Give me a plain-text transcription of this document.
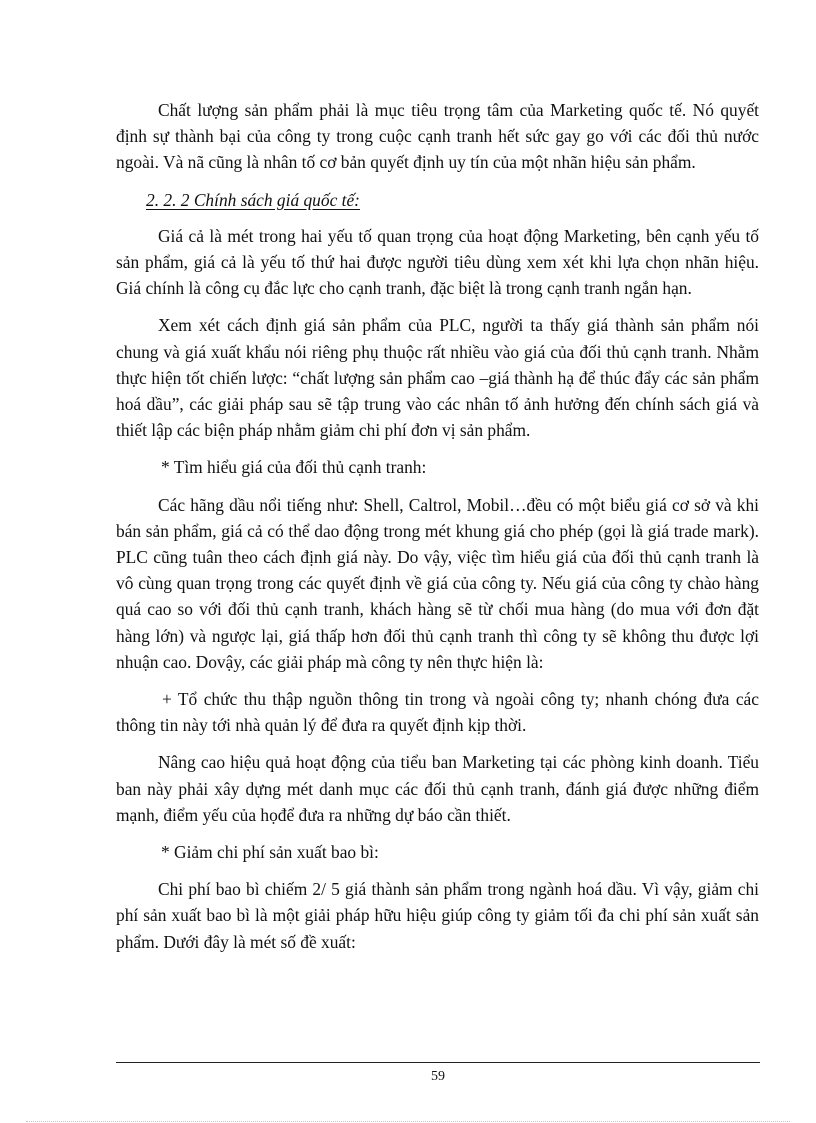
Chất lượng sản phẩm phải là mục tiêu trọng tâm của Marketing quốc tế. Nó quyết định sự thành bại của công ty trong cuộc cạnh tranh hết sức gay go với các đối thủ nước ngoài. Và nã cũng là nhân tố cơ bản quyết định uy tín của một nhãn hiệu sản phẩm.

2. 2. 2 Chính sách giá quốc tế:

Giá cả là mét trong hai yếu tố quan trọng của hoạt động Marketing, bên cạnh yếu tố sản phẩm, giá cả là yếu tố thứ hai được người tiêu dùng xem xét khi lựa chọn nhãn hiệu. Giá chính là công cụ đắc lực cho cạnh tranh, đặc biệt là trong cạnh tranh ngắn hạn.

Xem xét cách định giá sản phẩm của PLC, người ta thấy giá thành sản phẩm nói chung và giá xuất khẩu nói riêng phụ thuộc rất nhiều vào giá của đối thủ cạnh tranh. Nhằm thực hiện tốt chiến lược: “chất lượng sản phẩm cao –giá thành hạ để thúc đẩy các sản phẩm hoá dầu”, các giải pháp sau sẽ tập trung vào các nhân tố ảnh hưởng đến chính sách giá và thiết lập các biện pháp nhằm giảm chi phí đơn vị sản phẩm.

* Tìm hiểu giá của đối thủ cạnh tranh:

Các hãng dầu nổi tiếng như: Shell, Caltrol, Mobil…đều có một biểu giá cơ sở và khi bán sản phẩm, giá cả có thể dao động trong mét khung giá cho phép (gọi là giá trade mark). PLC cũng tuân theo cách định giá này. Do vậy, việc tìm hiểu giá của đối thủ cạnh tranh là vô cùng quan trọng trong các quyết định về giá của công ty. Nếu giá của công ty chào hàng quá cao so với đối thủ cạnh tranh, khách hàng sẽ từ chối mua hàng (do mua với đơn đặt hàng lớn) và ngược lại, giá thấp hơn đối thủ cạnh tranh thì công ty sẽ không thu được lợi nhuận cao. Dovậy, các giải pháp mà công ty nên thực hiện là:

+ Tổ chức thu thập nguồn thông tin trong và ngoài công ty; nhanh chóng đưa các thông tin này tới nhà quản lý để đưa ra quyết định kịp thời.

Nâng cao hiệu quả hoạt động của tiểu ban Marketing tại các phòng kinh doanh. Tiểu ban này phải xây dựng mét danh mục các đối thủ cạnh tranh, đánh giá được những điểm mạnh, điểm yếu của họđể đưa ra những dự báo cần thiết.

* Giảm chi phí sản xuất bao bì:

Chi phí bao bì chiếm 2/ 5 giá thành sản phẩm trong ngành hoá dầu. Vì vậy, giảm chi phí sản xuất bao bì là một giải pháp hữu hiệu giúp công ty giảm tối đa chi phí sản xuất sản phẩm. Dưới đây là mét số đề xuất:

59
